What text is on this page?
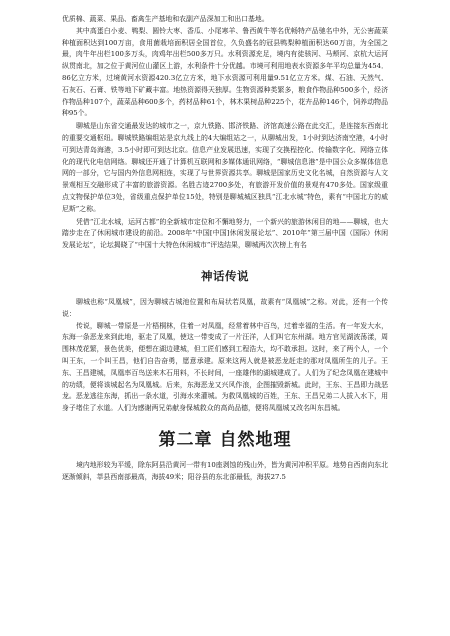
优质棉、蔬菜、果品、畜禽生产基地和农副产品深加工和出口基地。

其中高蛋白小麦、鸭梨、圆铃大枣、香瓜、小尾寒羊、鲁西黄牛等名优畅特产品驰名中外，无公害蔬菜种植面积达到100万亩，食用菌栽培面积居全国首位，久负盛名的冠县鸭梨种植面积达60万亩，为全国之最，肉牛年出栏100多万头，肉鸡年出栏500多万只。水利资源充足，境内有徒骇河、马颊河、京杭大运河纵贯南北，加之位于黄河位山灌区上游，水利条件十分优越。市境可利用地表水资源多年平均总量为454．86亿立方米，过境黄河水资源420.3亿立方米，地下水资源可利用量9.51亿立方米。煤、石油、天然气、石灰石、石膏、铁等地下矿藏丰富。地热资源得天独厚。生物资源种类繁多，粮食作物品种500多个，经济作物品种107个，蔬菜品种600多个，药材品种61个，林木果树品种225个，花卉品种146个，饲养动物品种95个。

聊城是山东省交通最发达的城市之一，京九铁路、邯济铁路、济馆高速公路在此交汇，是连接东西南北的重要交通枢纽。聊城铁路编组站是京九线上的4大编组站之一，从聊城出发，1小时到达济南空港，4小时可到达青岛海港，3.5小时即可到达北京。信息产业发展迅速，实现了交换程控化、传输数字化、网络立体化的现代化电信网络。聊城还开通了计算机互联网和多媒体通讯网络，“聊城信息港”是中国公众多媒体信息网的一部分，它与国内外信息网相连，实现了与世界资源共享。聊城是国家历史文化名城，自然资源与人文景观相互交融形成了丰富的旅游资源。名胜古迹2700多处，有旅游开发价值的景观有470多处。国家级重点文物保护单位3处，省级重点保护单位15处，特别是聊城城区独具“江北水城”特色，素有“中国北方的威尼斯”之称。

凭借“江北水城，运河古都”的全新城市定位和不懈地努力，一个新兴的旅游休闲目的地——聊城，也大踏步走在了休闲城市建设的前沿。2008年“中国[中国]休闲发展论坛”、2010年“第三届中国（国际）休闲发展论坛”，论坛揭晓了“中国十大特色休闲城市”评选结果，聊城两次次榜上有名

神话传说

聊城也称“凤凰城”，因为聊城古城池位置和布局状若凤凰，故素有“凤凰城”之称。对此，还有一个传说：

传说，聊城一带原是一片梧桐林，住着一对凤凰，经常着林中百鸟，过着幸福的生活。有一年发大水，东海一条恶龙来到此地，驱走了凤凰，使这一带变成了一片汪洋，人们叫它东州湖。地方官见湖波荡漾，周围林茂花繁，景色优美，便想在湖边建城，但工匠们感到工程浩大，均不敢承担。这时，来了两个人，一个叫王东，一个叫王昌，他们自告奋勇，愿意承建。原来这两人就是被恶龙赶走的那对凤凰所生的儿子。王东、王昌建城，凤凰率百鸟送来木石用料，不长时间，一座雄伟的湖城建成了。人们为了纪念凤凰在建城中的功绩，便将该城起名为凤凰城。后来，东海恶龙又兴风作浪，企图摧毁新城。此时，王东、王昌即力战恶龙。恶龙逃往东海，抓出一条水道，引海水来灌城。为救凤凰城的百姓，王东、王昌兄弟二人拔入水下，用身子堵住了水道。人们为感谢两兄弟献身保城救众的高尚品德，便将凤凰城又改名叫东昌城。

第二章 自然地理

境内地形较为平缓，除东阿县沿黄河一带有10座剥蚀的残山外，皆为黄河冲积平原。地势自西南向东北逐渐倾斜，莘县西南部最高，海拔49米；阳谷县的东北部最低，海拔27.5
